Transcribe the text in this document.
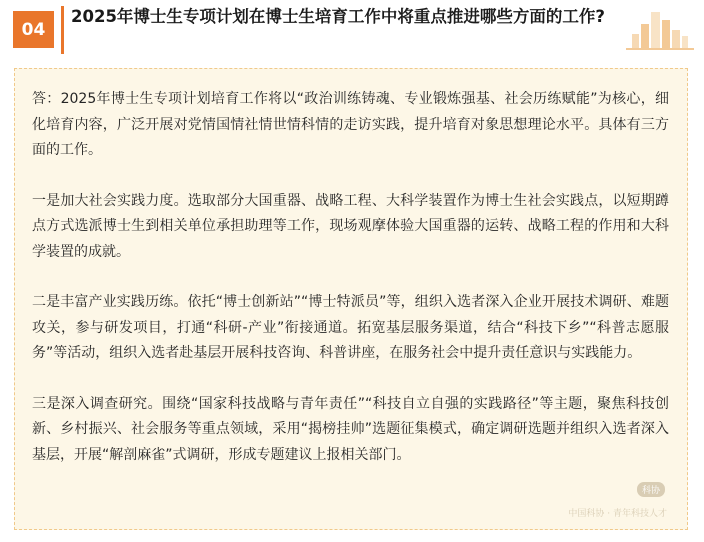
04
2025年博士生专项计划在博士生培育工作中将重点推进哪些方面的工作?

答：2025年博士生专项计划培育工作将以“政治训练铸魂、专业锻炼强基、社会历练赋能”为核心，细化培育内容，广泛开展对党情国情社情世情科情的走访实践，提升培育对象思想理论水平。具体有三方面的工作。

一是加大社会实践力度。选取部分大国重器、战略工程、大科学装置作为博士生社会实践点，以短期蹲点方式选派博士生到相关单位承担助理等工作，现场观摩体验大国重器的运转、战略工程的作用和大科学装置的成就。

二是丰富产业实践历练。依托“博士创新站”“博士特派员”等，组织入选者深入企业开展技术调研、难题攻关，参与研发项目，打通“科研-产业”衔接通道。拓宽基层服务渠道，结合“科技下乡”“科普志愿服务”等活动，组织入选者赴基层开展科技咨询、科普讲座，在服务社会中提升责任意识与实践能力。

三是深入调查研究。围绕“国家科技战略与青年责任”“科技自立自强的实践路径”等主题，聚焦科技创新、乡村振兴、社会服务等重点领域，采用“揭榜挂帅”选题征集模式，确定调研选题并组织入选者深入基层，开展“解剖麻雀”式调研，形成专题建议上报相关部门。

科协
中国科协 · 青年科技人才
